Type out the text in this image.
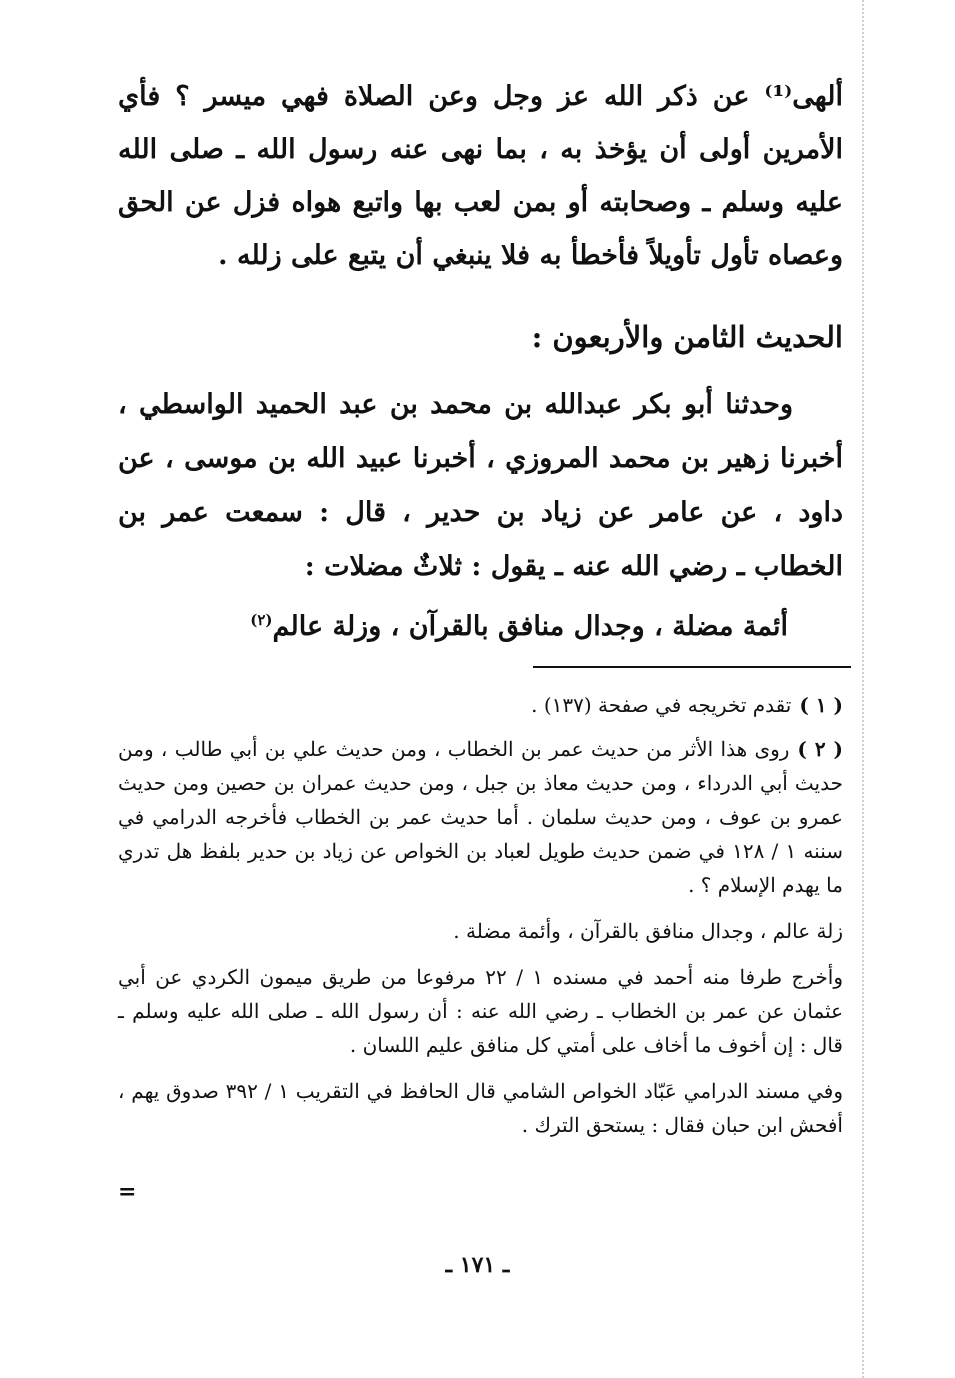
ألهى⁽¹⁾ عن ذكر الله عز وجل وعن الصلاة فهي ميسر ؟ فأي الأمرين أولى أن يؤخذ به ، بما نهى عنه رسول الله ـ صلى الله عليه وسلم ـ وصحابته أو بمن لعب بها واتبع هواه فزل عن الحق وعصاه تأول تأويلاً فأخطأ به فلا ينبغي أن يتبع على زلله .

الحديث الثامن والأربعون :

وحدثنا أبو بكر عبدالله بن محمد بن عبد الحميد الواسطي ، أخبرنا زهير بن محمد المروزي ، أخبرنا عبيد الله بن موسى ، عن داود ، عن عامر عن زياد بن حدير ، قال : سمعت عمر بن الخطاب ـ رضي الله عنه ـ يقول : ثلاثٌ مضلات :

أئمة مضلة ، وجدال منافق بالقرآن ، وزلة عالم$^{(٢)}$

( ١ )تقدم تخريجه في صفحة (١٣٧) .

( ٢ )روى هذا الأثر من حديث عمر بن الخطاب ، ومن حديث علي بن أبي طالب ، ومن حديث أبي الدرداء ، ومن حديث معاذ بن جبل ، ومن حديث عمران بن حصين ومن حديث عمرو بن عوف ، ومن حديث سلمان . أما حديث عمر بن الخطاب فأخرجه الدرامي في سننه ١ / ١٢٨ في ضمن حديث طويل لعباد بن الخواص عن زياد بن حدير بلفظ هل تدري ما يهدم الإسلام ؟ .

زلة عالم ، وجدال منافق بالقرآن ، وأئمة مضلة .

وأخرج طرفا منه أحمد في مسنده ١ / ٢٢ مرفوعا من طريق ميمون الكردي عن أبي عثمان عن عمر بن الخطاب ـ رضي الله عنه : أن رسول الله ـ صلى الله عليه وسلم ـ قال : إن أخوف ما أخاف على أمتي كل منافق عليم اللسان .

وفي مسند الدرامي عَبّاد الخواص الشامي قال الحافظ في التقريب ١ / ٣٩٢ صدوق يهم ، أفحش ابن حبان فقال : يستحق الترك .

=
ـ ١٧١ ـ
